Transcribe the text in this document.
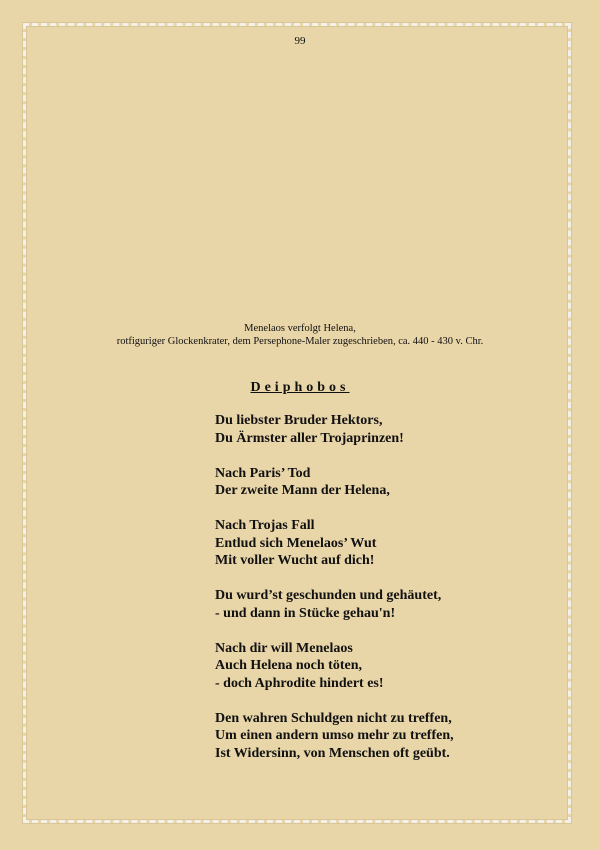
99
Menelaos verfolgt Helena,
rotfiguriger Glockenkrater, dem Persephone-Maler zugeschrieben, ca. 440 - 430 v. Chr.
Deiphobos
Du liebster Bruder Hektors,
Du Ärmster aller Trojaprinzen!
Nach Paris’ Tod
Der zweite Mann der Helena,
Nach Trojas Fall
Entlud sich Menelaos’ Wut
Mit voller Wucht auf dich!
Du wurd’st geschunden und gehäutet,
- und dann in Stücke gehau'n!
Nach dir will Menelaos
Auch Helena noch töten,
- doch Aphrodite hindert es!
Den wahren Schuldgen nicht zu treffen,
Um einen andern umso mehr zu treffen,
Ist Widersinn, von Menschen oft geübt.
